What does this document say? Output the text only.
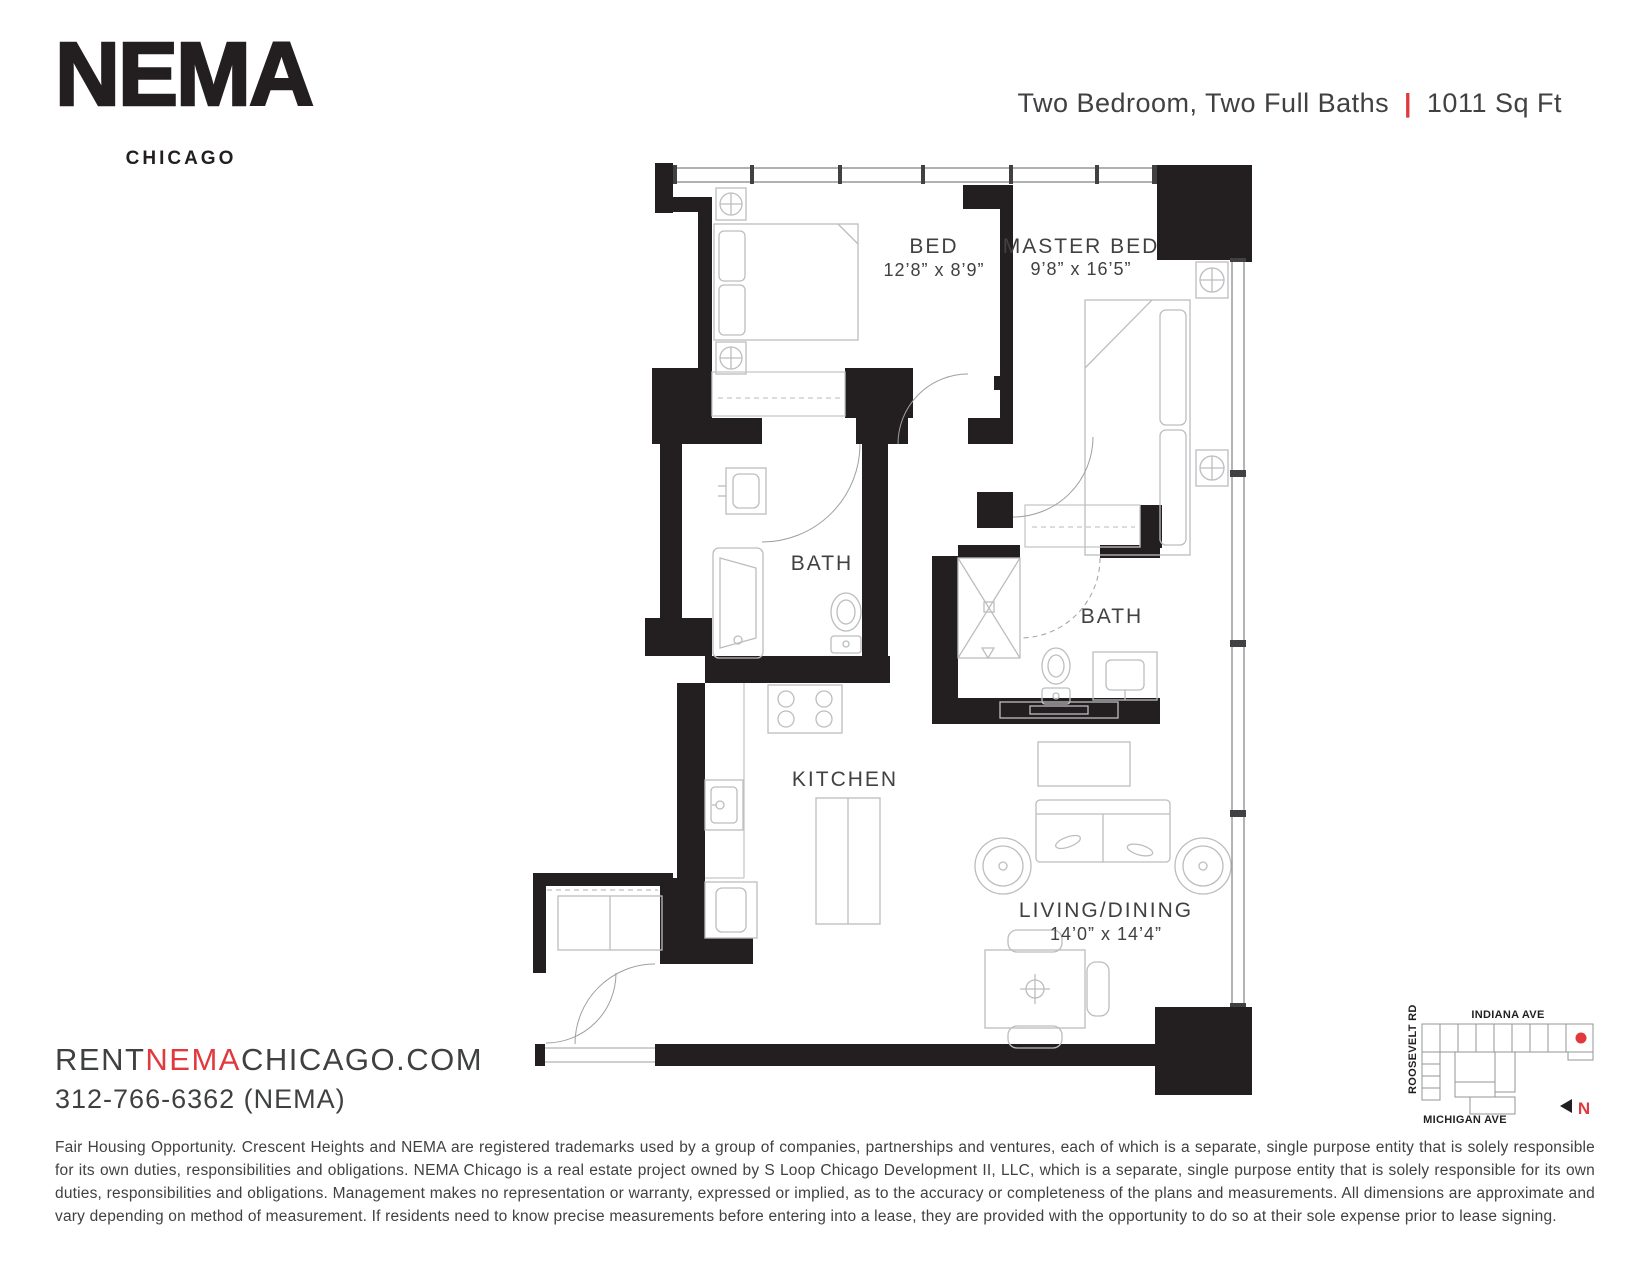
NEMA
CHICAGO
Two Bedroom, Two Full Baths | 1011 Sq Ft
BED
12’8” x 8’9”
MASTER BED
9’8” x 16’5”
BATH
BATH
KITCHEN
LIVING/DINING
14’0” x 14’4”
RENTNEMACHICAGO.COM
312-766-6362 (NEMA)
INDIANA AVE
ROOSEVELT RD
MICHIGAN AVE
N
Fair Housing Opportunity. Crescent Heights and NEMA are registered trademarks used by a group of companies, partnerships and ventures, each of which is a separate, single purpose entity that is solely responsible for its own duties, responsibilities and obligations. NEMA Chicago is a real estate project owned by S Loop Chicago Development II, LLC, which is a separate, single purpose entity that is solely responsible for its own duties, responsibilities and obligations. Management makes no representation or warranty, expressed or implied, as to the accuracy or completeness of the plans and measurements. All dimensions are approximate and vary depending on method of measurement. If residents need to know precise measurements before entering into a lease, they are provided with the opportunity to do so at their sole expense prior to lease signing.
